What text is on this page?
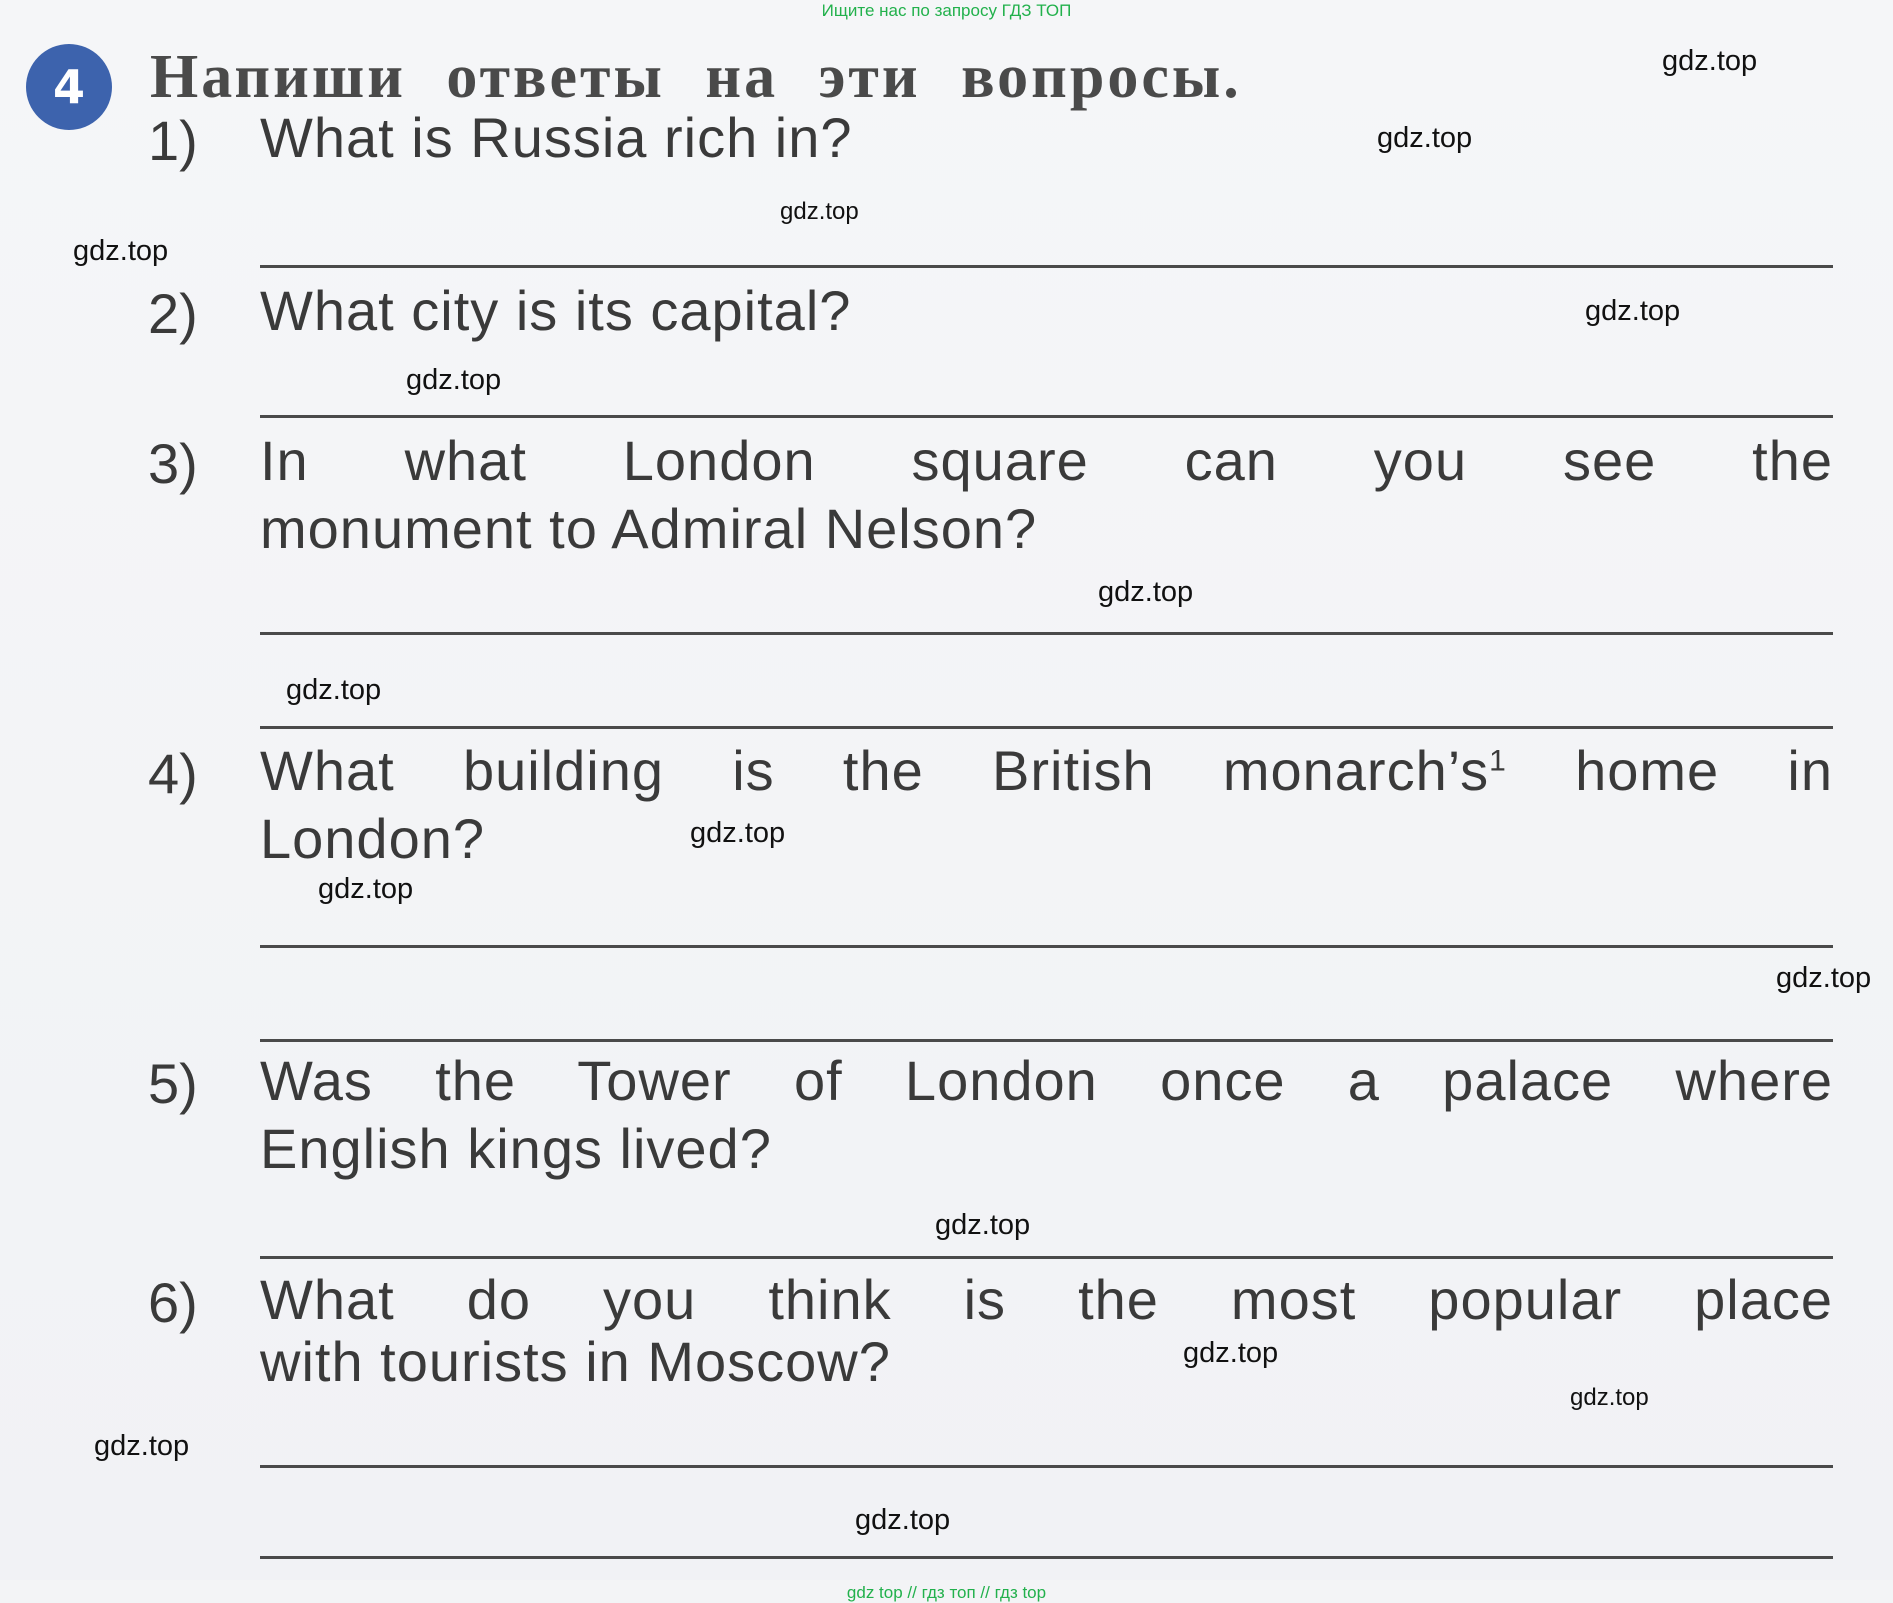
Ищите нас по запросу ГДЗ ТОП
4 Напиши ответы на эти вопросы.
1) What is Russia rich in?
2) What city is its capital?
3) In what London square can you see the
monument to Admiral Nelson?
4) What building is the British $monarch’s^1$ home in
London?
5) Was the Tower of London once a palace where
English kings lived?
6) What do you think is the most popular place
with tourists in Moscow?
gdz.top
gdz.top
gdz.top
gdz.top
gdz.top
gdz.top
gdz.top
gdz.top
gdz.top
gdz.top
gdz.top
gdz.top
gdz.top
gdz.top
gdz.top
gdz.top
gdz top // гдз топ // гдз top
